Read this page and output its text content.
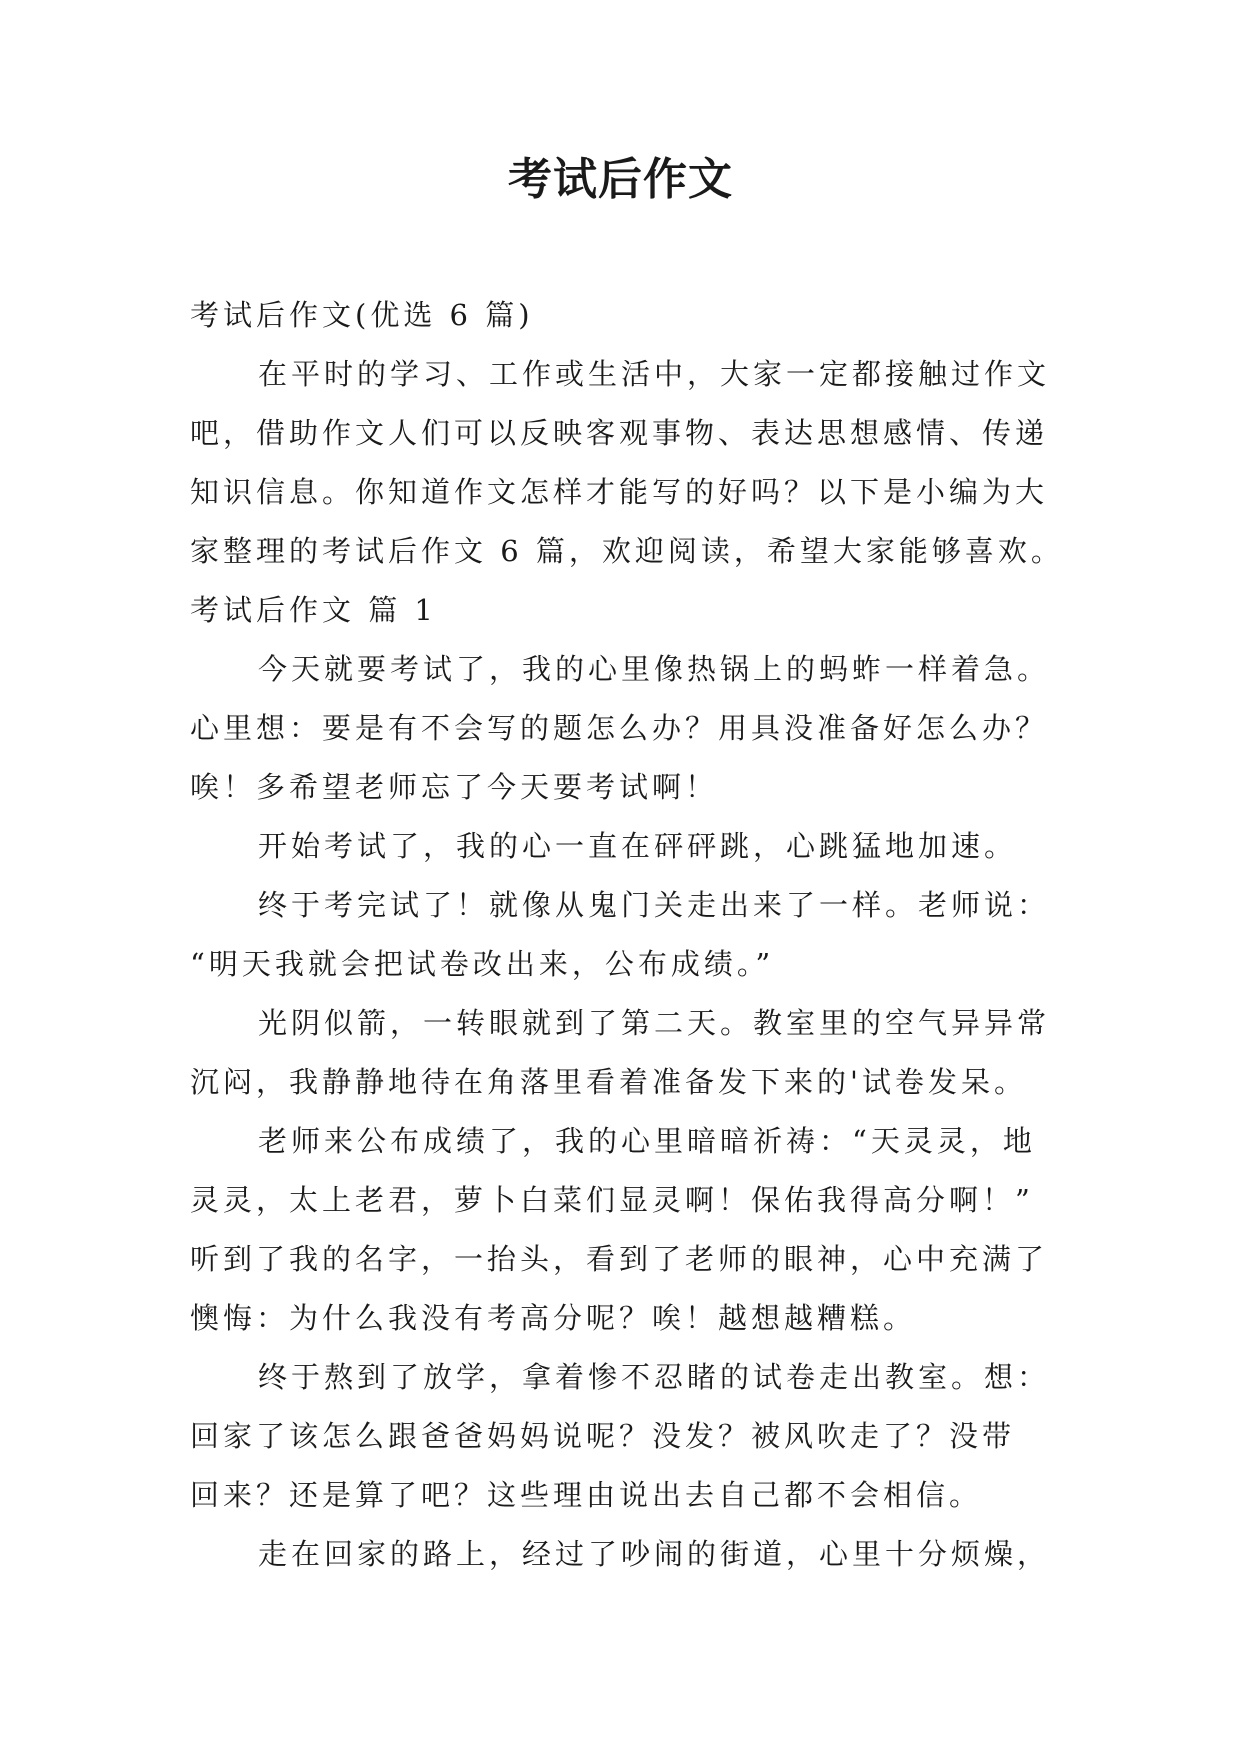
考试后作文

考试后作文(优选 6 篇)

在平时的学习、工作或生活中，大家一定都接触过作文

吧，借助作文人们可以反映客观事物、表达思想感情、传递

知识信息。你知道作文怎样才能写的好吗？以下是小编为大

家整理的考试后作文 6 篇，欢迎阅读，希望大家能够喜欢。

考试后作文 篇 1

今天就要考试了，我的心里像热锅上的蚂蚱一样着急。

心里想：要是有不会写的题怎么办？用具没准备好怎么办？

唉！多希望老师忘了今天要考试啊！

开始考试了，我的心一直在砰砰跳，心跳猛地加速。

终于考完试了！就像从鬼门关走出来了一样。老师说：

“明天我就会把试卷改出来，公布成绩。”

光阴似箭，一转眼就到了第二天。教室里的空气异异常

沉闷，我静静地待在角落里看着准备发下来的'试卷发呆。

老师来公布成绩了，我的心里暗暗祈祷：“天灵灵，地

灵灵，太上老君，萝卜白菜们显灵啊！保佑我得高分啊！”

听到了我的名字，一抬头，看到了老师的眼神，心中充满了

懊悔：为什么我没有考高分呢？唉！越想越糟糕。

终于熬到了放学，拿着惨不忍睹的试卷走出教室。想：

回家了该怎么跟爸爸妈妈说呢？没发？被风吹走了？没带

回来？还是算了吧？这些理由说出去自己都不会相信。

走在回家的路上，经过了吵闹的街道，心里十分烦燥，
